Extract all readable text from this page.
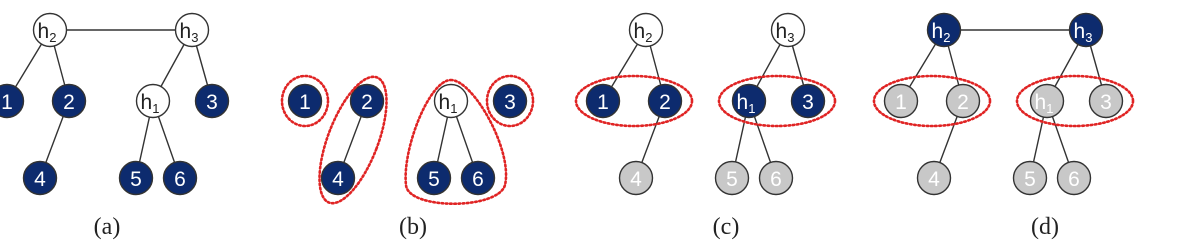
$h_2$	$h_3$
1 2	$h_1$ 3
4	5 6
(a)
1 2	$h_1$ 3
4	5 6
(b)
$h_2$	$h_3$
1 2	$h_1$ 3
4	5 6
(c)
$h_2$	$h_3$
1 2	$h_1$ 3
4	5 6
(d)
